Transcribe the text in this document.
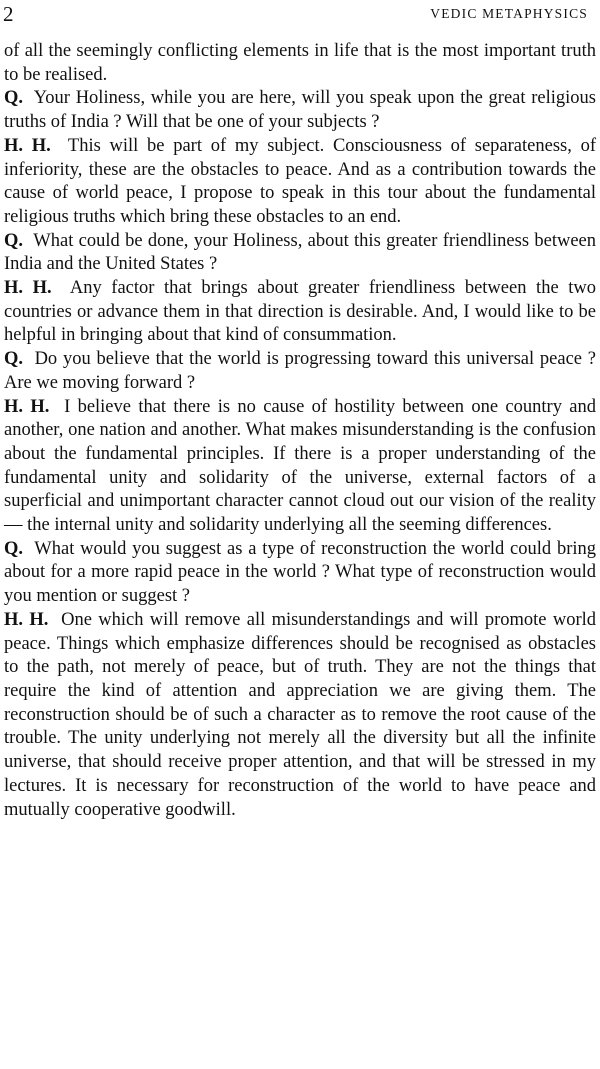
2	VEDIC METAPHYSICS

of all the seemingly conflicting elements in life that is the most important truth to be realised.

Q. Your Holiness, while you are here, will you speak upon the great religious truths of India ? Will that be one of your subjects ?

H. H. This will be part of my subject. Consciousness of separateness, of inferiority, these are the obstacles to peace. And as a contribution towards the cause of world peace, I propose to speak in this tour about the fundamental religious truths which bring these obstacles to an end.

Q. What could be done, your Holiness, about this greater friendliness between India and the United States ?

H. H. Any factor that brings about greater friendliness between the two countries or advance them in that direction is desirable. And, I would like to be helpful in bringing about that kind of consummation.

Q. Do you believe that the world is progressing toward this universal peace ? Are we moving forward ?

H. H. I believe that there is no cause of hostility between one country and another, one nation and another. What makes misunderstanding is the confusion about the fundamental principles. If there is a proper understanding of the fundamental unity and solidarity of the universe, external factors of a superficial and unimportant character cannot cloud out our vision of the reality — the internal unity and solidarity underlying all the seeming differences.

Q. What would you suggest as a type of reconstruction the world could bring about for a more rapid peace in the world ? What type of reconstruction would you mention or suggest ?

H. H. One which will remove all misunderstandings and will promote world peace. Things which emphasize differences should be recognised as obstacles to the path, not merely of peace, but of truth. They are not the things that require the kind of attention and appreciation we are giving them. The reconstruction should be of such a character as to remove the root cause of the trouble. The unity underlying not merely all the diversity but all the infinite universe, that should receive proper attention, and that will be stressed in my lectures. It is necessary for reconstruction of the world to have peace and mutually cooperative goodwill.
